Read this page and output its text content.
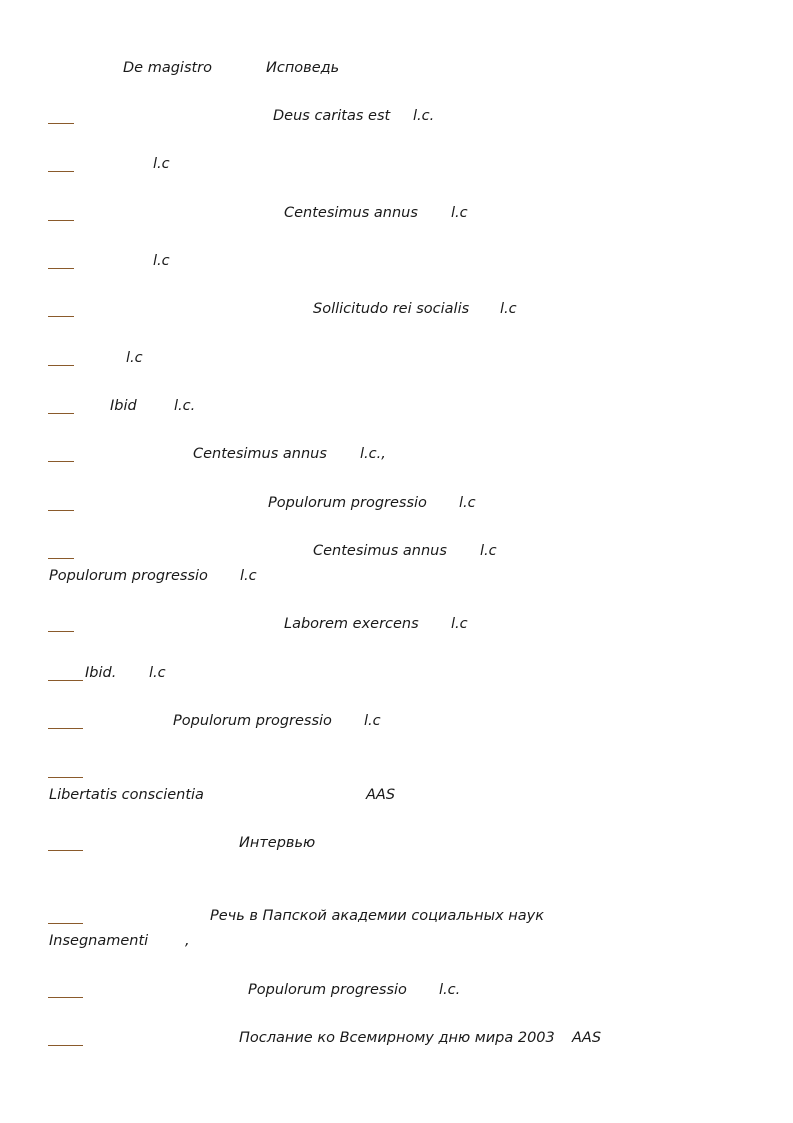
De magistro	Исповедь
Deus caritas est l.c.
l.c
Centesimus annus l.c
l.c
Sollicitudo rei socialis l.c
l.c
Ibid	l.c.
Centesimus annus l.c.,
Populorum progressio l.c
Centesimus annus l.c
Populorum progressio l.c
Laborem exercens l.c
Ibid. l.c
Populorum progressio l.c
Libertatis conscientia	AAS
Интервью
Речь в Папской академии социальных наук
Insegnamenti	,
Populorum progressio l.c.
Послание ко Всемирному дню мира 2003 AAS
